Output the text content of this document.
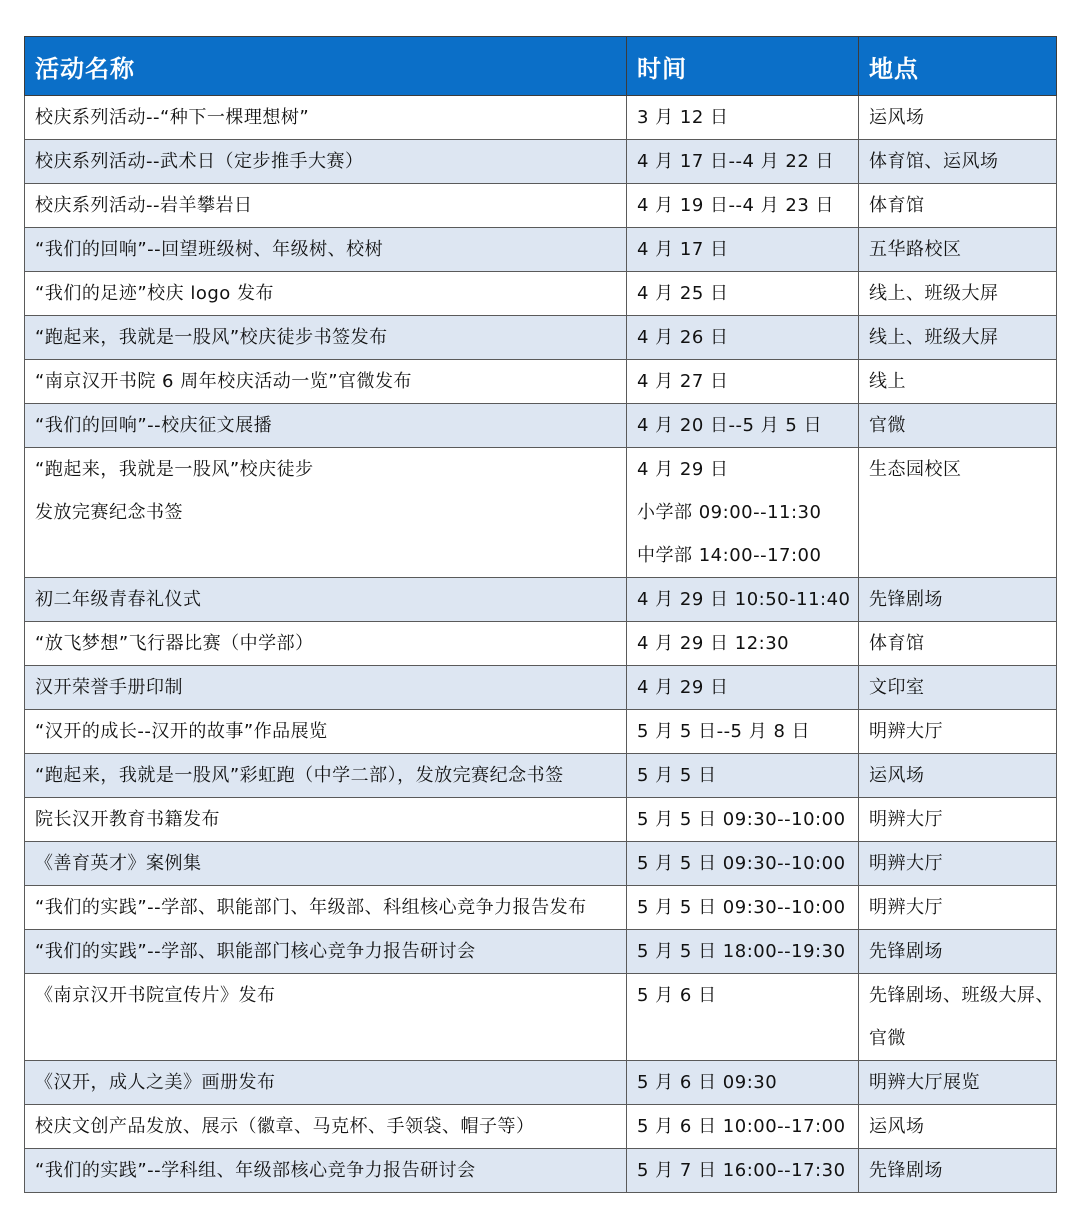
活动名称	时间	地点

校庆系列活动--“种下一棵理想树”	3 月 12 日	运风场

校庆系列活动--武术日（定步推手大赛）	4 月 17 日--4 月 22 日	体育馆、运风场

校庆系列活动--岩羊攀岩日	4 月 19 日--4 月 23 日	体育馆

“我们的回响”--回望班级树、年级树、校树	4 月 17 日	五华路校区

“我们的足迹”校庆 logo 发布	4 月 25 日	线上、班级大屏

“跑起来，我就是一股风”校庆徒步书签发布	4 月 26 日	线上、班级大屏

“南京汉开书院 6 周年校庆活动一览”官微发布	4 月 27 日	线上

“我们的回响”--校庆征文展播	4 月 20 日--5 月 5 日	官微

“跑起来，我就是一股风”校庆徒步
发放完赛纪念书签	4 月 29 日
小学部 09:00--11:30
中学部 14:00--17:00	生态园校区

初二年级青春礼仪式	4 月 29 日 10:50-11:40	先锋剧场

“放飞梦想”飞行器比赛（中学部）	4 月 29 日 12:30	体育馆

汉开荣誉手册印制	4 月 29 日	文印室

“汉开的成长--汉开的故事”作品展览	5 月 5 日--5 月 8 日	明辨大厅

“跑起来，我就是一股风”彩虹跑（中学二部），发放完赛纪念书签	5 月 5 日	运风场

院长汉开教育书籍发布	5 月 5 日 09:30--10:00	明辨大厅

《善育英才》案例集	5 月 5 日 09:30--10:00	明辨大厅

“我们的实践”--学部、职能部门、年级部、科组核心竞争力报告发布	5 月 5 日 09:30--10:00	明辨大厅

“我们的实践”--学部、职能部门核心竞争力报告研讨会	5 月 5 日 18:00--19:30	先锋剧场

《南京汉开书院宣传片》发布	5 月 6 日	先锋剧场、班级大屏、
官微

《汉开，成人之美》画册发布	5 月 6 日 09:30	明辨大厅展览

校庆文创产品发放、展示（徽章、马克杯、手领袋、帽子等）	5 月 6 日 10:00--17:00	运风场

“我们的实践”--学科组、年级部核心竞争力报告研讨会	5 月 7 日 16:00--17:30	先锋剧场
